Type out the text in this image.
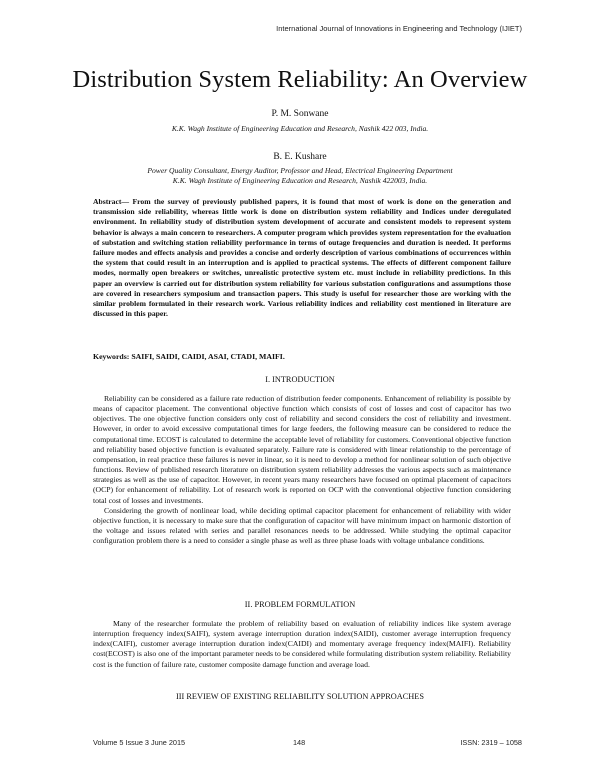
International Journal of Innovations in Engineering and Technology (IJIET)
Distribution System Reliability: An Overview
P. M. Sonwane
K.K. Wagh Institute of Engineering Education and Research, Nashik 422 003, India.
B. E. Kushare
Power Quality Consultant, Energy Auditor, Professor and Head, Electrical Engineering Department
K.K. Wagh Institute of Engineering Education and Research, Nashik 422003, India.
Abstract— From the survey of previously published papers, it is found that most of work is done on the generation and transmission side reliability, whereas little work is done on distribution system reliability and Indices under deregulated environment. In reliability study of distribution system development of accurate and consistent models to represent system behavior is always a main concern to researchers. A computer program which provides system representation for the evaluation of substation and switching station reliability performance in terms of outage frequencies and duration is needed. It performs failure modes and effects analysis and provides a concise and orderly description of various combinations of occurrences within the system that could result in an interruption and is applied to practical systems. The effects of different component failure modes, normally open breakers or switches, unrealistic protective system etc. must include in reliability predictions. In this paper an overview is carried out for distribution system reliability for various substation configurations and assumptions those are covered in researchers symposium and transaction papers. This study is useful for researcher those are working with the similar problem formulated in their research work. Various reliability indices and reliability cost mentioned in literature are discussed in this paper.
Keywords: SAIFI, SAIDI, CAIDI, ASAI, CTADI, MAIFI.
I. INTRODUCTION

Reliability can be considered as a failure rate reduction of distribution feeder components. Enhancement of reliability is possible by means of capacitor placement. The conventional objective function which consists of cost of losses and cost of capacitor has two objectives. The one objective function considers only cost of reliability and second considers the cost of reliability and investment. However, in order to avoid excessive computational times for large feeders, the following measure can be considered to reduce the computational time. ECOST is calculated to determine the acceptable level of reliability for customers. Conventional objective function and reliability based objective function is evaluated separately. Failure rate is considered with linear relationship to the percentage of compensation, in real practice these failures is never in linear, so it is need to develop a method for nonlinear solution of such objective functions. Review of published research literature on distribution system reliability addresses the various aspects such as maintenance strategies as well as the use of capacitor. However, in recent years many researchers have focused on optimal placement of capacitors (OCP) for enhancement of reliability. Lot of research work is reported on OCP with the conventional objective function considering total cost of losses and investments.

Considering the growth of nonlinear load, while deciding optimal capacitor placement for enhancement of reliability with wider objective function, it is necessary to make sure that the configuration of capacitor will have minimum impact on harmonic distortion of the voltage and issues related with series and parallel resonances needs to be addressed. While studying the optimal capacitor configuration problem there is a need to consider a single phase as well as three phase loads with voltage unbalance conditions.

II. PROBLEM FORMULATION

Many of the researcher formulate the problem of reliability based on evaluation of reliability indices like system average interruption frequency index(SAIFI), system average interruption duration index(SAIDI), customer average interruption frequency index(CAIFI), customer average interruption duration index(CAIDI) and momentary average frequency index(MAIFI). Reliability cost(ECOST) is also one of the important parameter needs to be considered while formulating distribution system reliability. Reliability cost is the function of failure rate, customer composite damage function and average load.

III REVIEW OF EXISTING RELIABILITY SOLUTION APPROACHES
Volume 5 Issue 3 June 2015	148	ISSN: 2319 – 1058
